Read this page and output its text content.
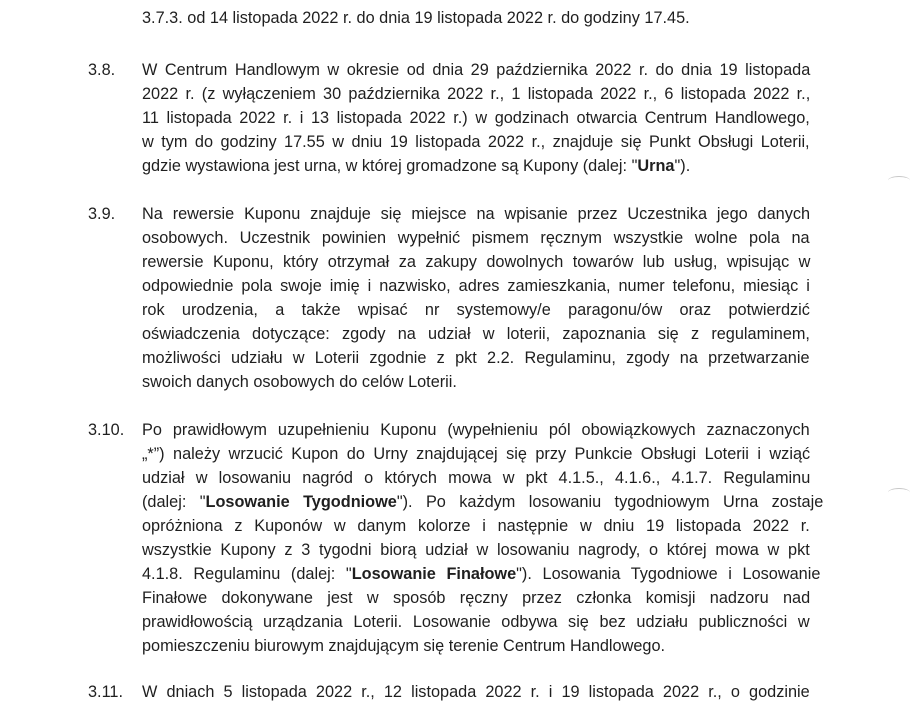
3.7.3. od 14 listopada 2022 r. do dnia 19 listopada 2022 r. do godziny 17.45.
3.8. W Centrum Handlowym w okresie od dnia 29 października 2022 r. do dnia 19 listopada
2022 r. (z wyłączeniem 30 października 2022 r., 1 listopada 2022 r., 6 listopada 2022 r.,
11 listopada 2022 r. i 13 listopada 2022 r.) w godzinach otwarcia Centrum Handlowego,
w tym do godziny 17.55 w dniu 19 listopada 2022 r., znajduje się Punkt Obsługi Loterii,
gdzie wystawiona jest urna, w której gromadzone są Kupony (dalej: "Urna").
3.9. Na rewersie Kuponu znajduje się miejsce na wpisanie przez Uczestnika jego danych
osobowych. Uczestnik powinien wypełnić pismem ręcznym wszystkie wolne pola na
rewersie Kuponu, który otrzymał za zakupy dowolnych towarów lub usług, wpisując w
odpowiednie pola swoje imię i nazwisko, adres zamieszkania, numer telefonu, miesiąc i
rok urodzenia, a także wpisać nr systemowy/e paragonu/ów oraz potwierdzić
oświadczenia dotyczące: zgody na udział w loterii, zapoznania się z regulaminem,
możliwości udziału w Loterii zgodnie z pkt 2.2. Regulaminu, zgody na przetwarzanie
swoich danych osobowych do celów Loterii.
3.10. Po prawidłowym uzupełnieniu Kuponu (wypełnieniu pól obowiązkowych zaznaczonych
„*”) należy wrzucić Kupon do Urny znajdującej się przy Punkcie Obsługi Loterii i wziąć
udział w losowaniu nagród o których mowa w pkt 4.1.5., 4.1.6., 4.1.7. Regulaminu
(dalej: "Losowanie Tygodniowe"). Po każdym losowaniu tygodniowym Urna zostaje
opróżniona z Kuponów w danym kolorze i następnie w dniu 19 listopada 2022 r.
wszystkie Kupony z 3 tygodni biorą udział w losowaniu nagrody, o której mowa w pkt
4.1.8. Regulaminu (dalej: "Losowanie Finałowe"). Losowania Tygodniowe i Losowanie
Finałowe dokonywane jest w sposób ręczny przez członka komisji nadzoru nad
prawidłowością urządzania Loterii. Losowanie odbywa się bez udziału publiczności w
pomieszczeniu biurowym znajdującym się terenie Centrum Handlowego.
3.11. W dniach 5 listopada 2022 r., 12 listopada 2022 r. i 19 listopada 2022 r., o godzinie
